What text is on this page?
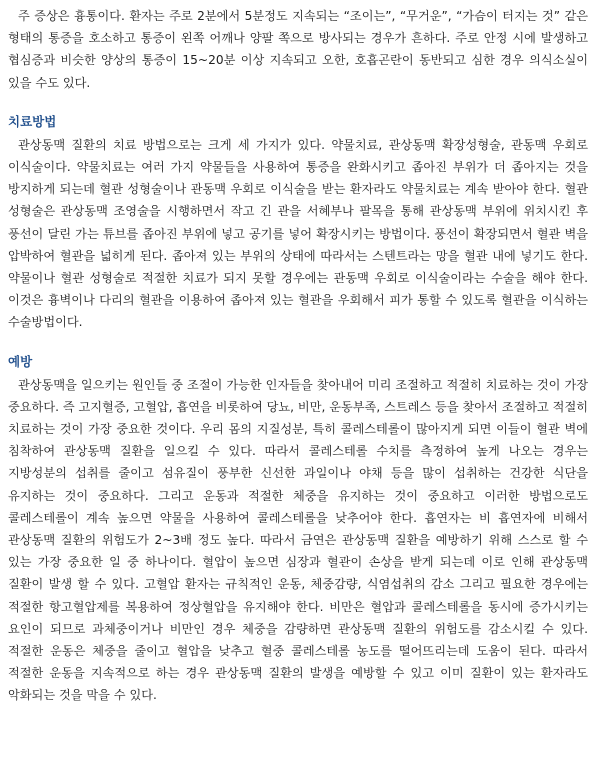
주 증상은 흉통이다. 환자는 주로 2분에서 5분정도 지속되는 “조이는”, “무거운”, “가슴이 터지는 것” 같은 형태의 통증을 호소하고 통증이 왼쪽 어깨나 양팔 쪽으로 방사되는 경우가 흔하다. 주로 안정 시에 발생하고 협심증과 비슷한 양상의 통증이 15~20분 이상 지속되고 오한, 호흡곤란이 동반되고 심한 경우 의식소실이 있을 수도 있다.

치료방법

관상동맥 질환의 치료 방법으로는 크게 세 가지가 있다. 약물치료, 관상동맥 확장성형술, 관동맥 우회로 이식술이다. 약물치료는 여러 가지 약물들을 사용하여 통증을 완화시키고 좁아진 부위가 더 좁아지는 것을 방지하게 되는데 혈관 성형술이나 관동맥 우회로 이식술을 받는 환자라도 약물치료는 계속 받아야 한다. 혈관 성형술은 관상동맥 조영술을 시행하면서 작고 긴 관을 서혜부나 팔목을 통해 관상동맥 부위에 위치시킨 후 풍선이 달린 가는 튜브를 좁아진 부위에 넣고 공기를 넣어 확장시키는 방법이다. 풍선이 확장되면서 혈관 벽을 압박하여 혈관을 넓히게 된다. 좁아져 있는 부위의 상태에 따라서는 스텐트라는 망을 혈관 내에 넣기도 한다. 약물이나 혈관 성형술로 적절한 치료가 되지 못할 경우에는 관동맥 우회로 이식술이라는 수술을 해야 한다. 이것은 흉벽이나 다리의 혈관을 이용하여 좁아져 있는 혈관을 우회해서 피가 통할 수 있도록 혈관을 이식하는 수술방법이다.

예방

관상동맥을 일으키는 원인들 중 조절이 가능한 인자들을 찾아내어 미리 조절하고 적절히 치료하는 것이 가장 중요하다. 즉 고지혈증, 고혈압, 흡연을 비롯하여 당뇨, 비만, 운동부족, 스트레스 등을 찾아서 조절하고 적절히 치료하는 것이 가장 중요한 것이다. 우리 몸의 지질성분, 특히 콜레스테롤이 많아지게 되면 이들이 혈관 벽에 침착하여 관상동맥 질환을 일으킬 수 있다. 따라서 콜레스테롤 수치를 측정하여 높게 나오는 경우는 지방성분의 섭취를 줄이고 섬유질이 풍부한 신선한 과일이나 야채 등을 많이 섭취하는 건강한 식단을 유지하는 것이 중요하다. 그리고 운동과 적절한 체중을 유지하는 것이 중요하고 이러한 방법으로도 콜레스테롤이 계속 높으면 약물을 사용하여 콜레스테롤을 낮추어야 한다. 흡연자는 비 흡연자에 비해서 관상동맥 질환의 위험도가 2~3배 정도 높다. 따라서 금연은 관상동맥 질환을 예방하기 위해 스스로 할 수 있는 가장 중요한 일 중 하나이다. 혈압이 높으면 심장과 혈관이 손상을 받게 되는데 이로 인해 관상동맥 질환이 발생 할 수 있다. 고혈압 환자는 규칙적인 운동, 체중감량, 식염섭취의 감소 그리고 필요한 경우에는 적절한 항고혈압제를 복용하여 정상혈압을 유지해야 한다. 비만은 혈압과 콜레스테롤을 동시에 증가시키는 요인이 되므로 과체중이거나 비만인 경우 체중을 감량하면 관상동맥 질환의 위험도를 감소시킬 수 있다. 적절한 운동은 체중을 줄이고 혈압을 낮추고 혈중 콜레스테롤 농도를 떨어뜨리는데 도움이 된다. 따라서 적절한 운동을 지속적으로 하는 경우 관상동맥 질환의 발생을 예방할 수 있고 이미 질환이 있는 환자라도 악화되는 것을 막을 수 있다.
